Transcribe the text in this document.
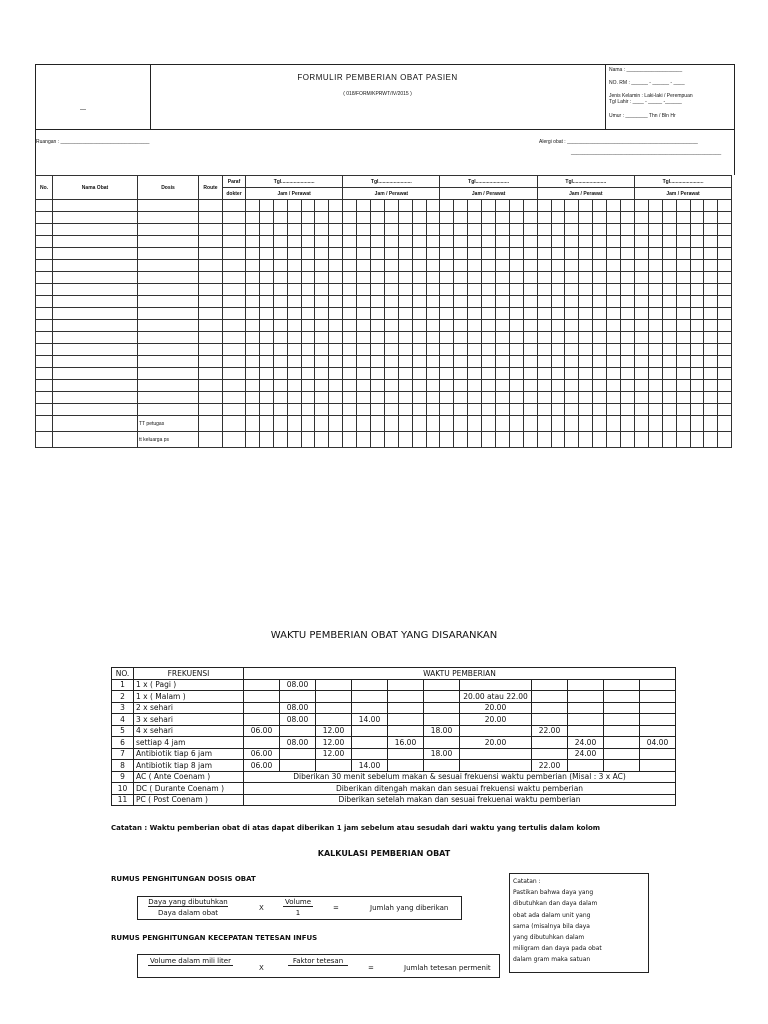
—
FORMULIR PEMBERIAN OBAT PASIEN
( 018/FORM/KPRWT/IV/2015 )
Nama : ____________________
NO. RM : ______ - ______ - ____
Jenis Kelamin : Laki-laki / Perempuan
Tgl Lahir : ____ - _____ -______
Umur : ________ Thn / Bln Hr
Ruangan : ________________________________	Alergi obat : _______________________________________________
______________________________________________________
No.	Nama Obat	Dosis	Route	Paraf	Tgl........................							Tgl........................							Tgl........................							Tgl........................							Tgl........................						
				dokter	Jam / Perawat							Jam / Perawat							Jam / Perawat							Jam / Perawat							Jam / Perawat						

		TT petugas																																					
		tt keluarga ps																																					
WAKTU PEMBERIAN OBAT YANG DISARANKAN
NO.	FREKUENSI	WAKTU PEMBERIAN										
1	1 x ( Pagi )		08.00									
2	1 x ( Malam )							20.00 atau 22.00				
3	2 x sehari		08.00					20.00				
4	3 x sehari		08.00		14.00			20.00				
5	4 x sehari	06.00		12.00			18.00		22.00			
6	settiap 4 jam		08.00	12.00		16.00		20.00		24.00		04.00
7	Antibiotik tiap 6 jam	06.00		12.00			18.00			24.00		
8	Antibiotik tiap 8 jam	06.00			14.00				22.00			
9	AC ( Ante Coenam )	Diberikan 30 menit sebelum makan & sesuai frekuensi waktu pemberian (Misal : 3 x AC)										
10	DC ( Durante Coenam )	Diberikan ditengah makan dan sesuai frekuensi waktu pemberian										
11	PC ( Post Coenam )	Diberikan setelah makan dan sesuai frekuenai waktu pemberian										
Catatan : Waktu pemberian obat di atas dapat diberikan 1 jam sebelum atau sesudah dari waktu yang tertulis dalam kolom
KALKULASI PEMBERIAN OBAT
RUMUS PENGHITUNGAN DOSIS OBAT
Daya yang dibutuhkan
Daya dalam obat
X
Volume
1
=	Jumlah yang diberikan
RUMUS PENGHITUNGAN KECEPATAN TETESAN INFUS
Volume dalam mili liter
X
Faktor tetesan
=	Jumlah tetesan permenit
Catatan :
Pastikan bahwa daya yang
dibutuhkan dan daya dalam
obat ada dalam unit yang
sama (misalnya bila daya
yang dibutuhkan dalam
miligram dan daya pada obat
dalam gram maka satuan
